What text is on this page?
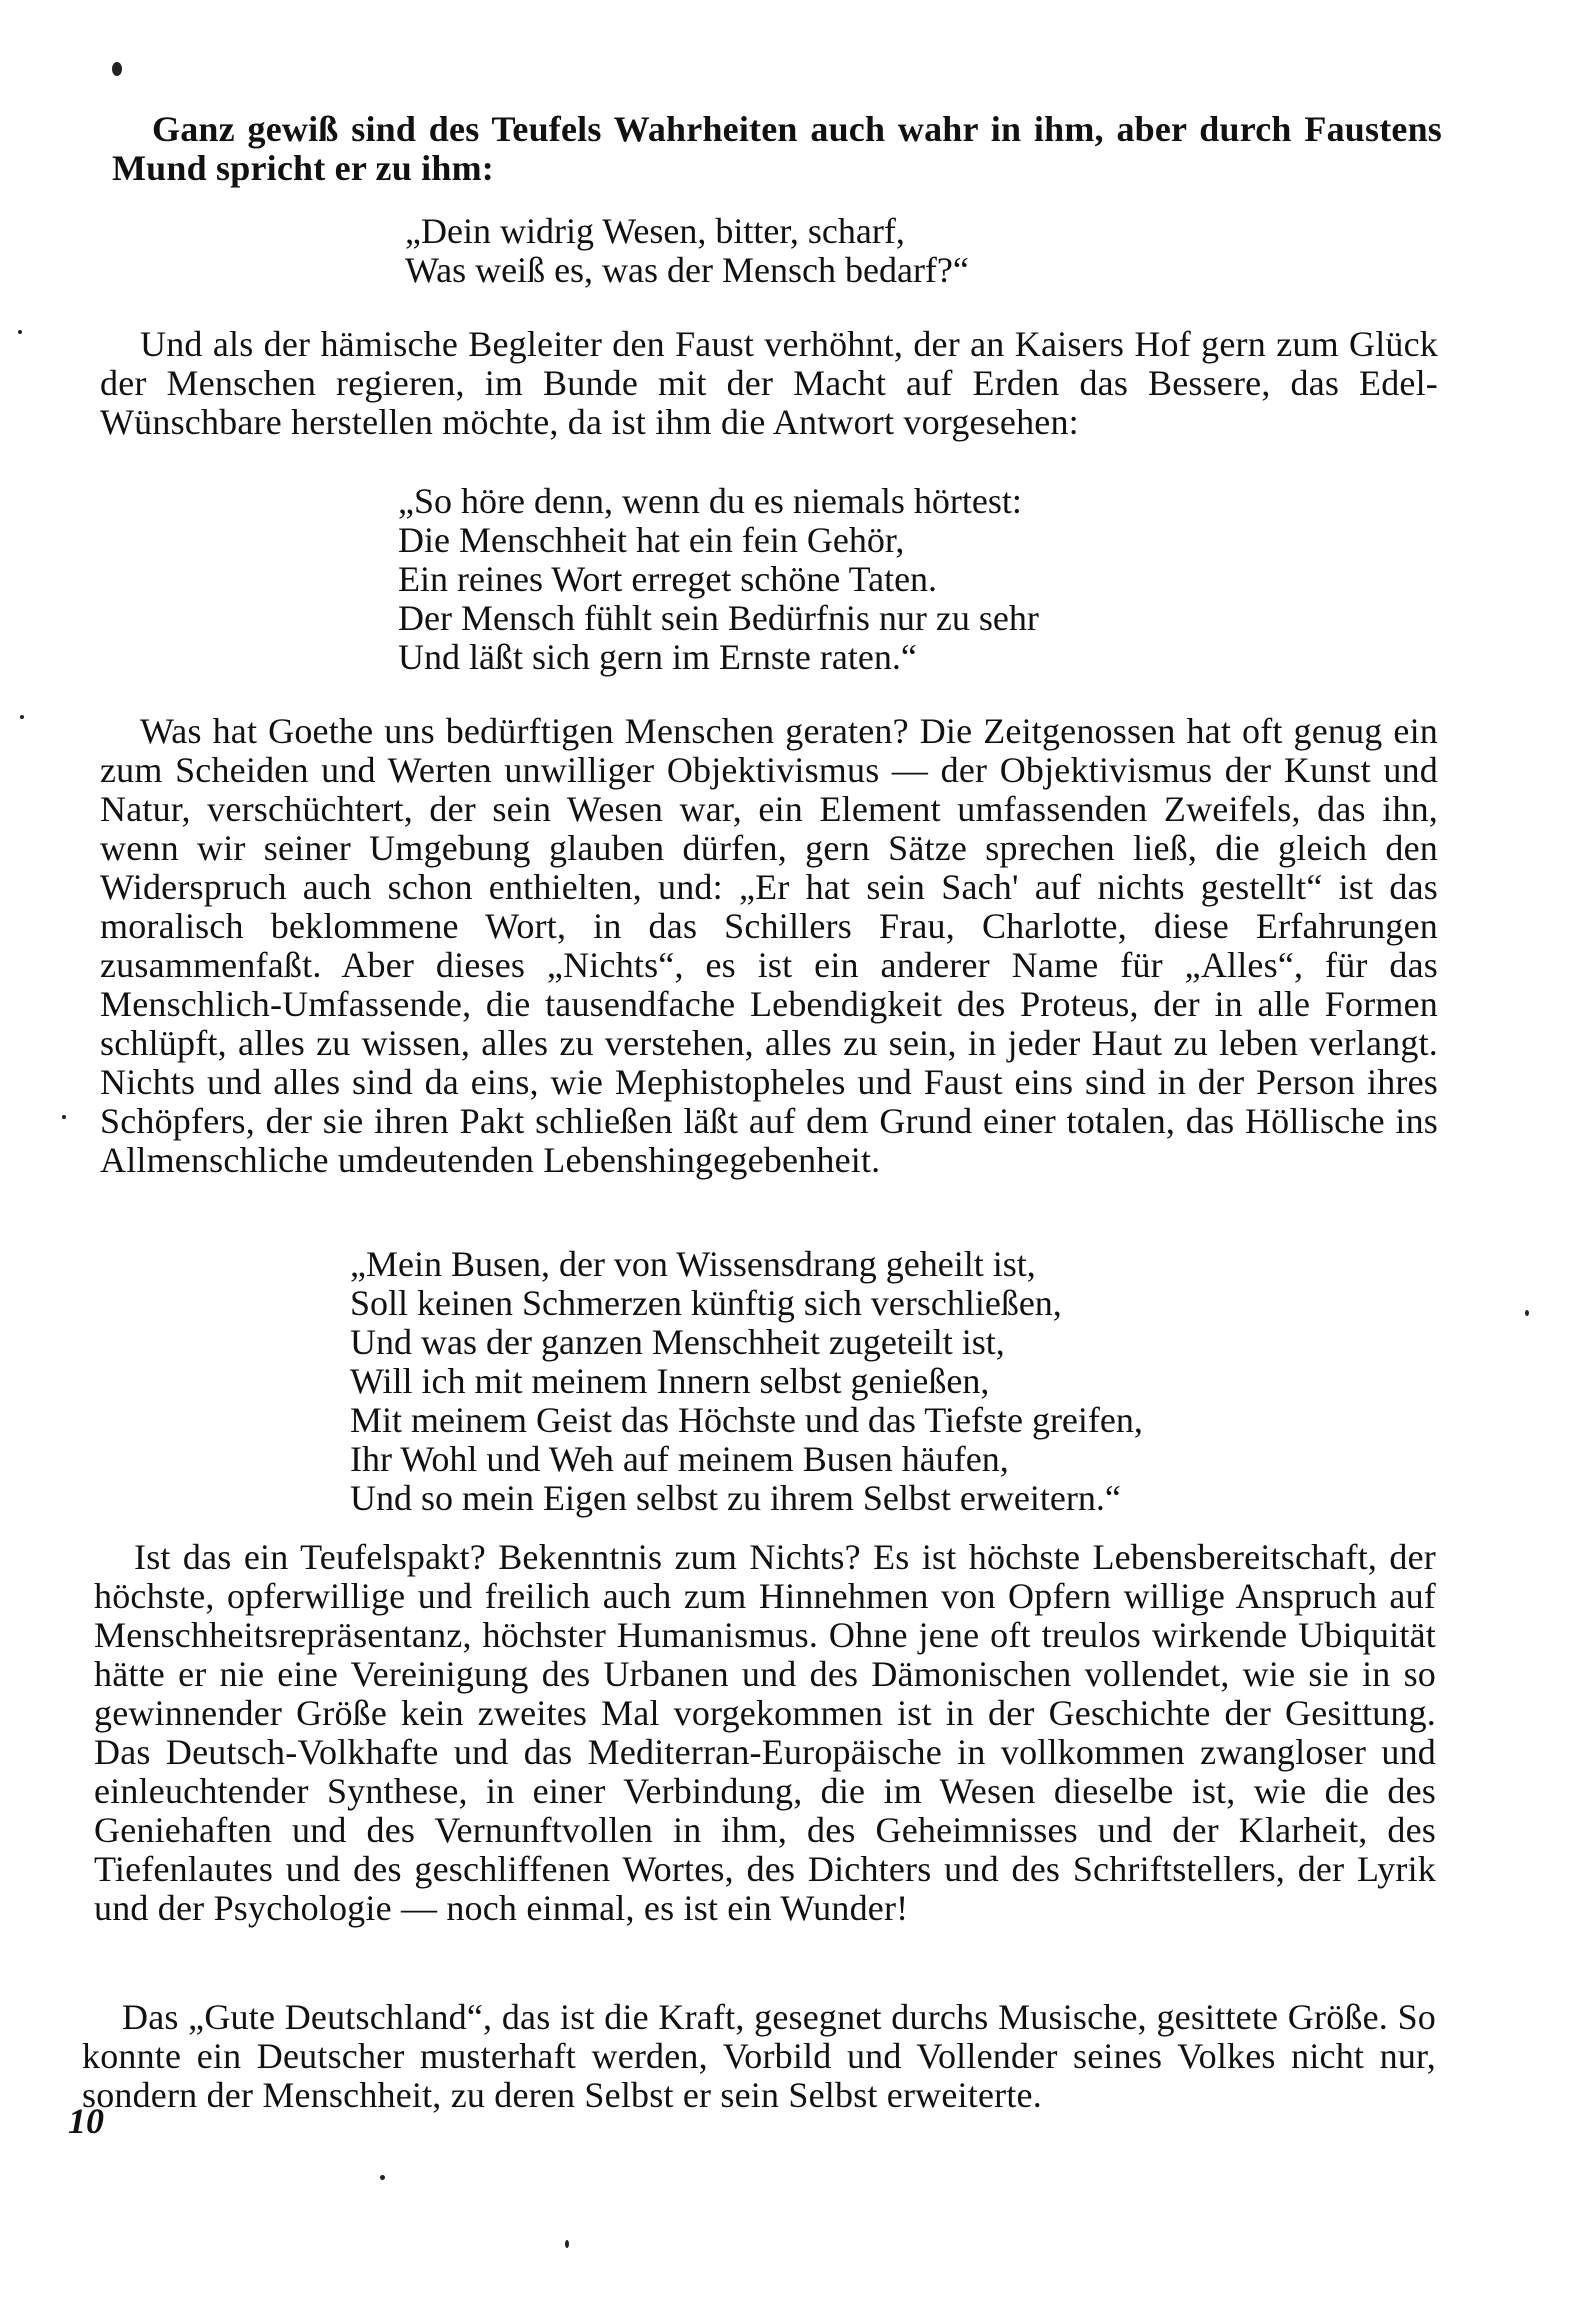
Ganz gewiß sind des Teufels Wahrheiten auch wahr in ihm, aber durch Faustens Mund spricht er zu ihm:

„Dein widrig Wesen, bitter, scharf,
Was weiß es, was der Mensch bedarf?“

Und als der hämische Begleiter den Faust verhöhnt, der an Kaisers Hof gern zum Glück der Menschen regieren, im Bunde mit der Macht auf Erden das Bessere, das Edel-Wünschbare herstellen möchte, da ist ihm die Antwort vorgesehen:

„So höre denn, wenn du es niemals hörtest:
Die Menschheit hat ein fein Gehör,
Ein reines Wort erreget schöne Taten.
Der Mensch fühlt sein Bedürfnis nur zu sehr
Und läßt sich gern im Ernste raten.“

Was hat Goethe uns bedürftigen Menschen geraten? Die Zeitgenossen hat oft genug ein zum Scheiden und Werten unwilliger Objektivismus — der Objektivismus der Kunst und Natur, verschüchtert, der sein Wesen war, ein Element umfassenden Zweifels, das ihn, wenn wir seiner Umgebung glauben dürfen, gern Sätze sprechen ließ, die gleich den Widerspruch auch schon enthielten, und: „Er hat sein Sach' auf nichts gestellt“ ist das moralisch beklommene Wort, in das Schillers Frau, Charlotte, diese Erfahrungen zusammenfaßt. Aber dieses „Nichts“, es ist ein anderer Name für „Alles“, für das Menschlich-Umfassende, die tausendfache Lebendigkeit des Proteus, der in alle Formen schlüpft, alles zu wissen, alles zu verstehen, alles zu sein, in jeder Haut zu leben verlangt. Nichts und alles sind da eins, wie Mephistopheles und Faust eins sind in der Person ihres Schöpfers, der sie ihren Pakt schließen läßt auf dem Grund einer totalen, das Höllische ins Allmenschliche umdeutenden Lebenshingegebenheit.

„Mein Busen, der von Wissensdrang geheilt ist,
Soll keinen Schmerzen künftig sich verschließen,
Und was der ganzen Menschheit zugeteilt ist,
Will ich mit meinem Innern selbst genießen,
Mit meinem Geist das Höchste und das Tiefste greifen,
Ihr Wohl und Weh auf meinem Busen häufen,
Und so mein Eigen selbst zu ihrem Selbst erweitern.“

Ist das ein Teufelspakt? Bekenntnis zum Nichts? Es ist höchste Lebensbereitschaft, der höchste, opferwillige und freilich auch zum Hinnehmen von Opfern willige Anspruch auf Menschheitsrepräsentanz, höchster Humanismus. Ohne jene oft treulos wirkende Ubiquität hätte er nie eine Vereinigung des Urbanen und des Dämonischen vollendet, wie sie in so gewinnender Größe kein zweites Mal vorgekommen ist in der Geschichte der Gesittung. Das Deutsch-Volkhafte und das Mediterran-Europäische in vollkommen zwangloser und einleuchtender Synthese, in einer Verbindung, die im Wesen dieselbe ist, wie die des Geniehaften und des Vernunftvollen in ihm, des Geheimnisses und der Klarheit, des Tiefenlautes und des geschliffenen Wortes, des Dichters und des Schriftstellers, der Lyrik und der Psychologie — noch einmal, es ist ein Wunder!

Das „Gute Deutschland“, das ist die Kraft, gesegnet durchs Musische, gesittete Größe. So konnte ein Deutscher musterhaft werden, Vorbild und Vollender seines Volkes nicht nur, sondern der Menschheit, zu deren Selbst er sein Selbst erweiterte.

10
